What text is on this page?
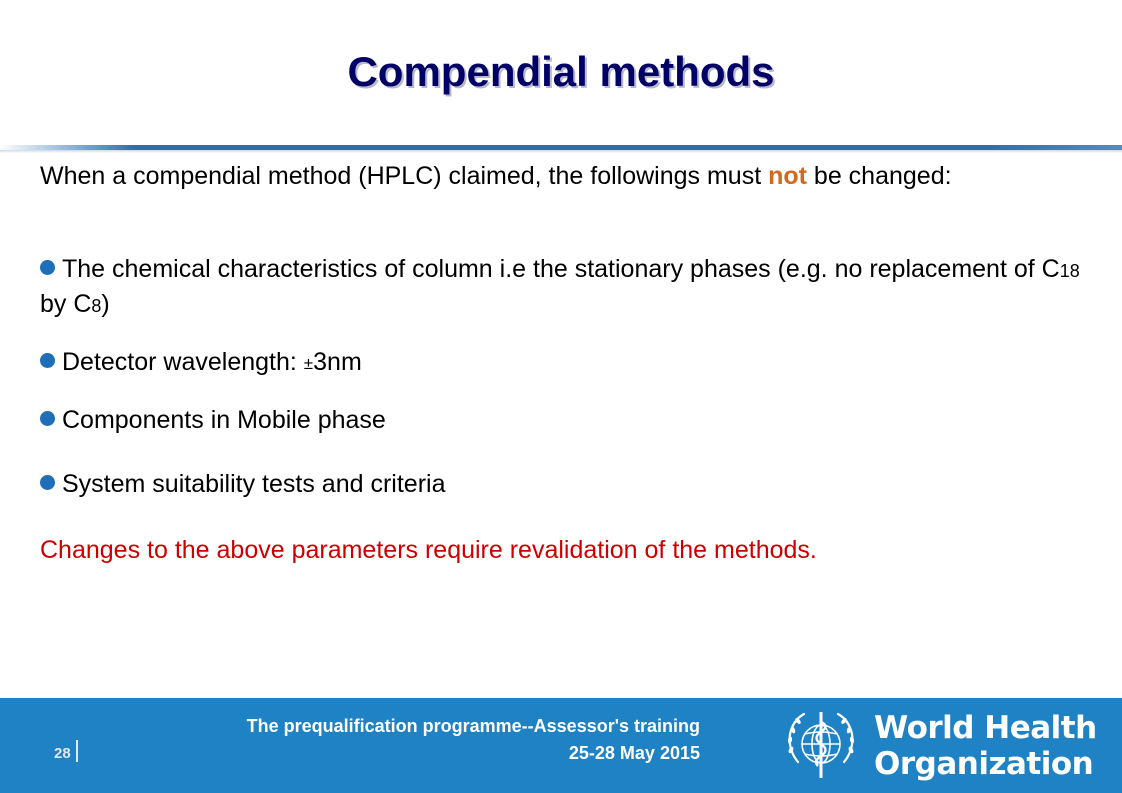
Compendial methods
When a compendial method (HPLC) claimed, the followings must not be changed:
The chemical characteristics of column i.e the stationary phases (e.g. no replacement of C18 by C8)
Detector wavelength: ±3nm
Components in Mobile phase
System suitability tests and criteria
Changes to the above parameters require revalidation of the methods.
28
The prequalification programme--Assessor's training
25-28 May 2015
World Health
Organization
